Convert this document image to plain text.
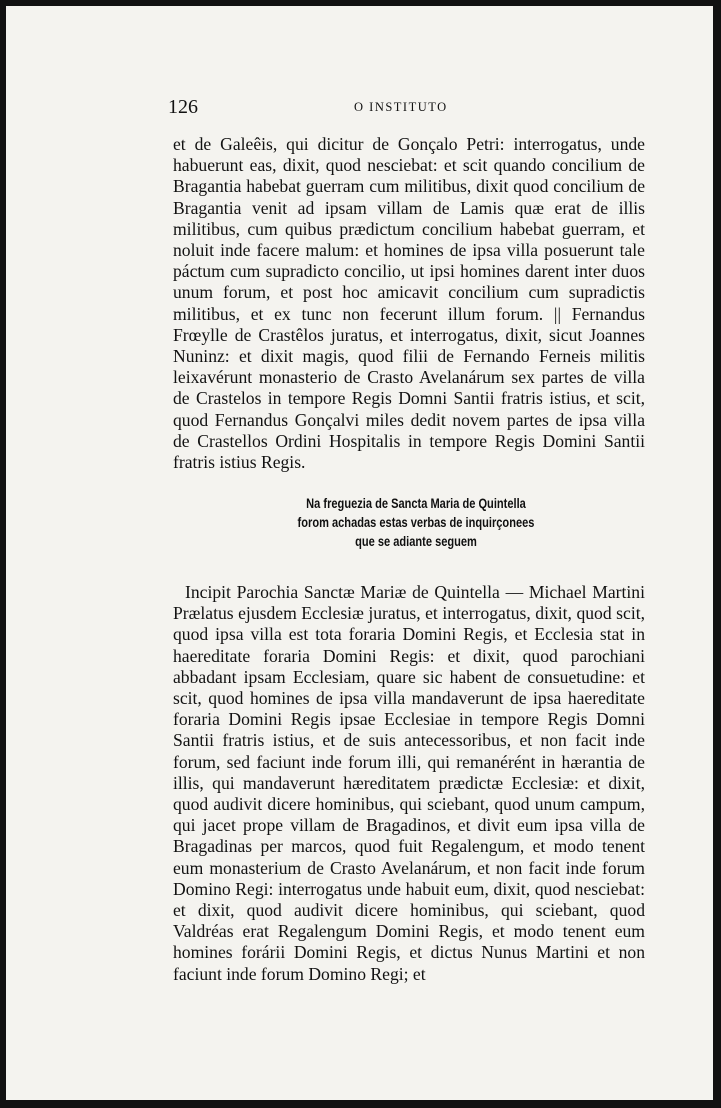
126	O INSTITUTO

et de Galeêis, qui dicitur de Gonçalo Petri: interrogatus, unde habuerunt eas, dixit, quod nesciebat: et scit quando concilium de Bragantia habebat guerram cum militibus, dixit quod concilium de Bragantia venit ad ipsam villam de Lamis quæ erat de illis militibus, cum quibus prædictum concilium habebat guerram, et noluit inde facere malum: et homines de ipsa villa posuerunt tale páctum cum supradicto concilio, ut ipsi homines darent inter duos unum forum, et post hoc amicavit concilium cum supradictis militibus, et ex tunc non fecerunt illum forum. || Fernandus Frœylle de Crastêlos juratus, et interrogatus, dixit, sicut Joannes Nuninz: et dixit magis, quod filii de Fernando Ferneis militis leixavérunt monasterio de Crasto Avelanárum sex partes de villa de Crastelos in tempore Regis Domni Santii fratris istius, et scit, quod Fernandus Gonçalvi miles dedit novem partes de ipsa villa de Crastellos Ordini Hospitalis in tempore Regis Domini Santii fratris istius Regis.

Na freguezia de Sancta Maria de Quintella
forom achadas estas verbas de inquirçonees
que se adiante seguem

Incipit Parochia Sanctæ Mariæ de Quintella — Michael Martini Prælatus ejusdem Ecclesiæ juratus, et interrogatus, dixit, quod scit, quod ipsa villa est tota foraria Domini Regis, et Ecclesia stat in haereditate foraria Domini Regis: et dixit, quod parochiani abbadant ipsam Ecclesiam, quare sic habent de consuetudine: et scit, quod homines de ipsa villa mandaverunt de ipsa haereditate foraria Domini Regis ipsae Ecclesiae in tempore Regis Domni Santii fratris istius, et de suis antecessoribus, et non facit inde forum, sed faciunt inde forum illi, qui remanérént in hærantia de illis, qui mandaverunt hæreditatem prædictæ Ecclesiæ: et dixit, quod audivit dicere hominibus, qui sciebant, quod unum campum, qui jacet prope villam de Bragadinos, et divit eum ipsa villa de Bragadinas per marcos, quod fuit Regalengum, et modo tenent eum monasterium de Crasto Avelanárum, et non facit inde forum Domino Regi: interrogatus unde habuit eum, dixit, quod nesciebat: et dixit, quod audivit dicere hominibus, qui sciebant, quod Valdréas erat Regalengum Domini Regis, et modo tenent eum homines forárii Domini Regis, et dictus Nunus Martini et non faciunt inde forum Domino Regi; et
